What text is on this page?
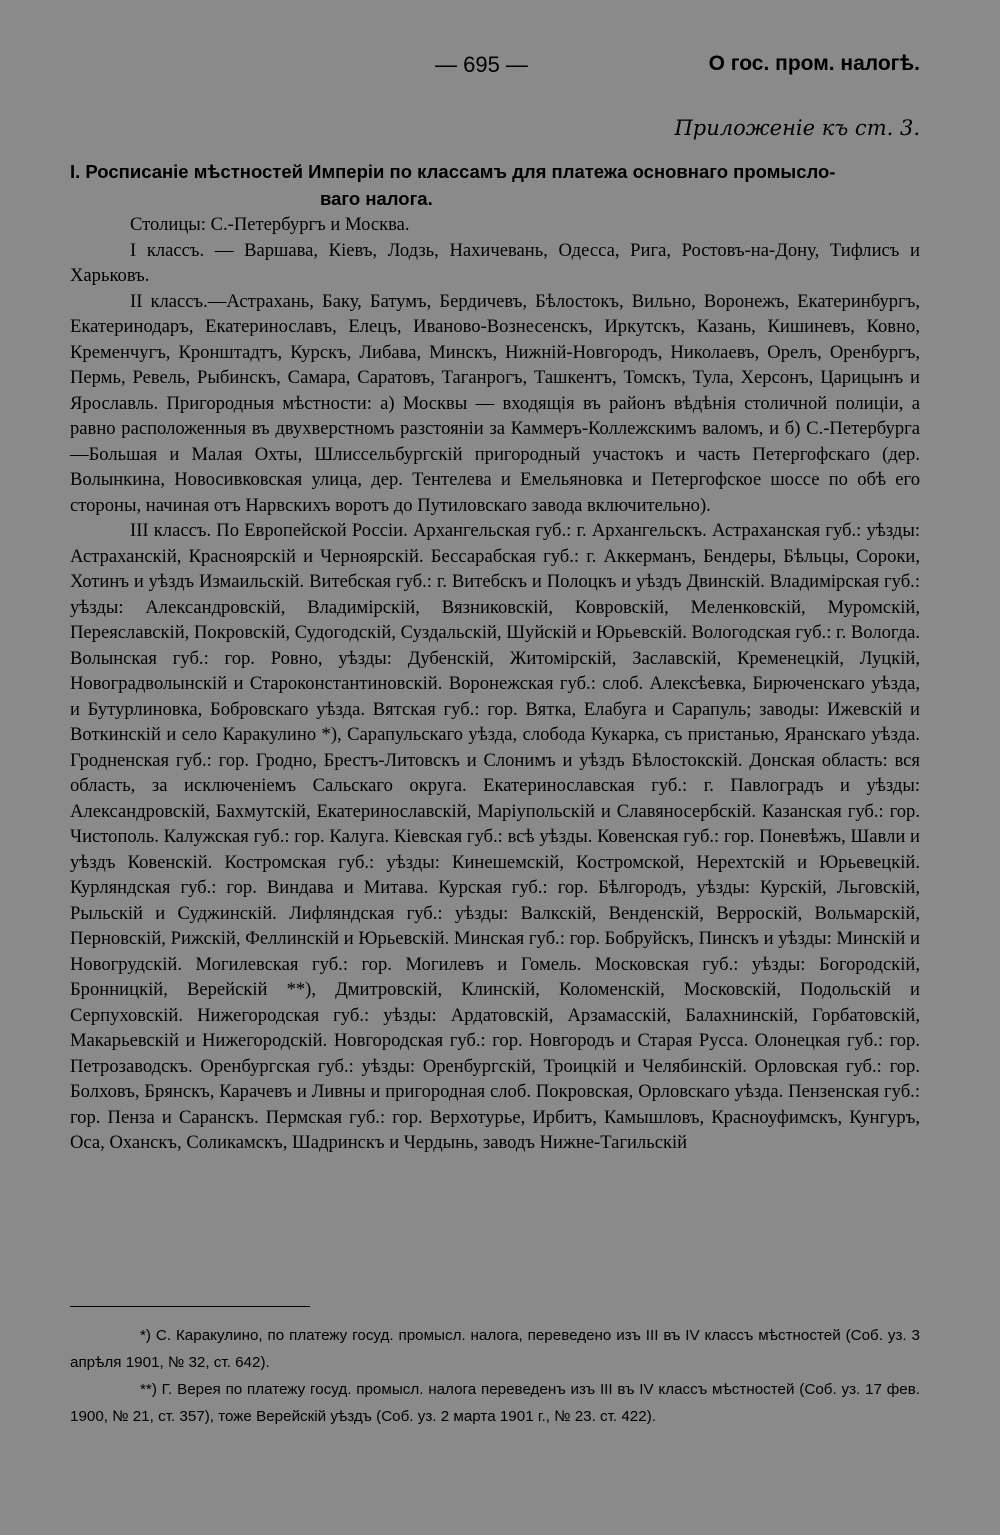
— 695 —	О гос. пром. налогѣ.
Приложеніе къ ст. 3.
I. Росписаніе мѣстностей Имперіи по классамъ для платежа основнаго промысло-
ваго налога.

Столицы: С.-Петербургъ и Москва.

I классъ. — Варшава, Кіевъ, Лодзь, Нахичевань, Одесса, Рига, Ростовъ-на-Дону, Тифлисъ и Харьковъ.

II классъ.—Астрахань, Баку, Батумъ, Бердичевъ, Бѣлостокъ, Вильно, Воронежъ, Екатеринбургъ, Екатеринодаръ, Екатеринославъ, Елецъ, Иваново-Вознесенскъ, Иркутскъ, Казань, Кишиневъ, Ковно, Кременчугъ, Кронштадтъ, Курскъ, Либава, Минскъ, Нижній-Новгородъ, Николаевъ, Орелъ, Оренбургъ, Пермь, Ревель, Рыбинскъ, Самара, Саратовъ, Таганрогъ, Ташкентъ, Томскъ, Тула, Херсонъ, Царицынъ и Ярославль. Пригородныя мѣстности: а) Москвы — входящія въ районъ вѣдѣнія столичной полиціи, а равно расположенныя въ двухверстномъ разстояніи за Каммеръ-Коллежскимъ валомъ, и б) С.-Петербурга—Большая и Малая Охты, Шлиссельбургскій пригородный участокъ и часть Петергофскаго (дер. Волынкина, Новосивковская улица, дер. Тентелева и Емельяновка и Петергофское шоссе по обѣ его стороны, начиная отъ Нарвскихъ воротъ до Путиловскаго завода включительно).

III классъ. По Европейской Россіи. Архангельская губ.: г. Архангельскъ. Астраханская губ.: уѣзды: Астраханскій, Красноярскій и Черноярскій. Бессарабская губ.: г. Аккерманъ, Бендеры, Бѣльцы, Сороки, Хотинъ и уѣздъ Измаильскій. Витебская губ.: г. Витебскъ и Полоцкъ и уѣздъ Двинскій. Владимірская губ.: уѣзды: Александровскій, Владимірскій, Вязниковскій, Ковровскій, Меленковскій, Муромскій, Переяславскій, Покровскій, Судогодскій, Суздальскій, Шуйскій и Юрьевскій. Вологодская губ.: г. Вологда. Волынская губ.: гор. Ровно, уѣзды: Дубенскій, Житомірскій, Заславскій, Кременецкій, Луцкій, Новоградволынскій и Староконстантиновскій. Воронежская губ.: слоб. Алексѣевка, Бирюченскаго уѣзда, и Бутурлиновка, Бобровскаго уѣзда. Вятская губ.: гор. Вятка, Елабуга и Сарапуль; заводы: Ижевскій и Воткинскій и село Каракулино *), Сарапульскаго уѣзда, слобода Кукарка, съ пристанью, Яранскаго уѣзда. Гродненская губ.: гор. Гродно, Брестъ-Литовскъ и Слонимъ и уѣздъ Бѣлостокскій. Донская область: вся область, за исключеніемъ Сальскаго округа. Екатеринославская губ.: г. Павлоградъ и уѣзды: Александровскій, Бахмутскій, Екатеринославскій, Маріупольскій и Славяносербскій. Казанская губ.: гор. Чистополь. Калужская губ.: гор. Калуга. Кіевская губ.: всѣ уѣзды. Ковенская губ.: гор. Поневѣжъ, Шавли и уѣздъ Ковенскій. Костромская губ.: уѣзды: Кинешемскій, Костромской, Нерехтскій и Юрьевецкій. Курляндская губ.: гор. Виндава и Митава. Курская губ.: гор. Бѣлгородъ, уѣзды: Курскій, Льговскій, Рыльскій и Суджинскій. Лифляндская губ.: уѣзды: Валкскій, Венденскій, Верроскій, Вольмарскій, Перновскій, Рижскій, Феллинскій и Юрьевскій. Минская губ.: гор. Бобруйскъ, Пинскъ и уѣзды: Минскій и Новогрудскій. Могилевская губ.: гор. Могилевъ и Гомель. Московская губ.: уѣзды: Богородскій, Бронницкій, Верейскій **), Дмитровскій, Клинскій, Коломенскій, Московскій, Подольскій и Серпуховскій. Нижегородская губ.: уѣзды: Ардатовскій, Арзамасскій, Балахнинскій, Горбатовскій, Макарьевскій и Нижегородскій. Новгородская губ.: гор. Новгородъ и Старая Русса. Олонецкая губ.: гор. Петрозаводскъ. Оренбургская губ.: уѣзды: Оренбургскій, Троицкій и Челябинскій. Орловская губ.: гор. Болховъ, Брянскъ, Карачевъ и Ливны и пригородная слоб. Покровская, Орловскаго уѣзда. Пензенская губ.: гор. Пенза и Саранскъ. Пермская губ.: гор. Верхотурье, Ирбитъ, Камышловъ, Красноуфимскъ, Кунгуръ, Оса, Оханскъ, Соликамскъ, Шадринскъ и Чердынь, заводъ Нижне-Тагильскій

*) С. Каракулино, по платежу госуд. промысл. налога, переведено изъ III въ IV классъ мѣстностей (Соб. уз. 3 апрѣля 1901, № 32, ст. 642).

**) Г. Верея по платежу госуд. промысл. налога переведенъ изъ III въ IV классъ мѣстностей (Соб. уз. 17 фев. 1900, № 21, ст. 357), тоже Верейскій уѣздъ (Соб. уз. 2 марта 1901 г., № 23. ст. 422).
